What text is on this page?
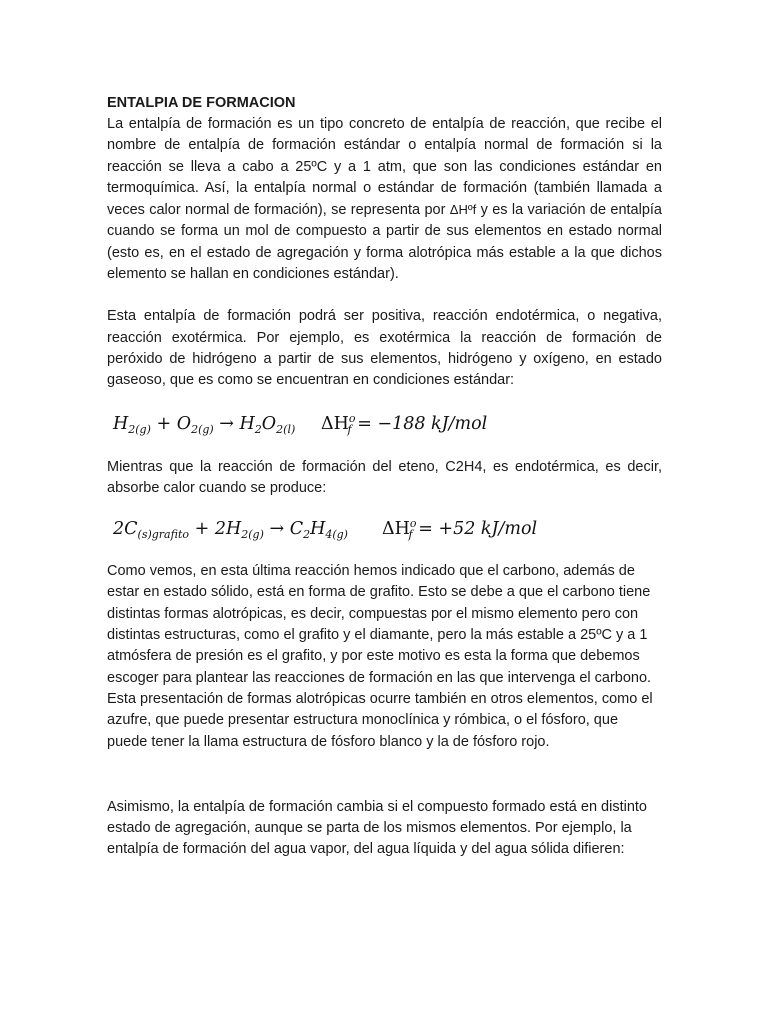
ENTALPIA DE FORMACION

La entalpía de formación es un tipo concreto de entalpía de reacción, que recibe el nombre de entalpía de formación estándar o entalpía normal de formación si la reacción se lleva a cabo a 25ºC y a 1 atm, que son las condiciones estándar en termoquímica. Así, la entalpía normal o estándar de formación (también llamada a veces calor normal de formación), se representa por ΔHºf y es la variación de entalpía cuando se forma un mol de compuesto a partir de sus elementos en estado normal (esto es, en el estado de agregación y forma alotrópica más estable a la que dichos elemento se hallan en condiciones estándar).

Esta entalpía de formación podrá ser positiva, reacción endotérmica, o negativa, reacción exotérmica. Por ejemplo, es exotérmica la reacción de formación de peróxido de hidrógeno a partir de sus elementos, hidrógeno y oxígeno, en estado gaseoso, que es como se encuentran en condiciones estándar:

$H_{2(g)} + O_{2(g)} \to H_2O_{2(l)}$ $\Delta H^o_f = -188$ kJ/mol

Mientras que la reacción de formación del eteno, C2H4, es endotérmica, es decir, absorbe calor cuando se produce:

$2C_{(s)grafito} + 2H_{2(g)} \to C_2H_{4(g)}$ $\Delta H^o_f = +52$ kJ/mol

Como vemos, en esta última reacción hemos indicado que el carbono, además de estar en estado sólido, está en forma de grafito. Esto se debe a que el carbono tiene distintas formas alotrópicas, es decir, compuestas por el mismo elemento pero con distintas estructuras, como el grafito y el diamante, pero la más estable a 25ºC y a 1 atmósfera de presión es el grafito, y por este motivo es esta la forma que debemos escoger para plantear las reacciones de formación en las que intervenga el carbono. Esta presentación de formas alotrópicas ocurre también en otros elementos, como el azufre, que puede presentar estructura monoclínica y rómbica, o el fósforo, que puede tener la llama estructura de fósforo blanco y la de fósforo rojo.

Asimismo, la entalpía de formación cambia si el compuesto formado está en distinto estado de agregación, aunque se parta de los mismos elementos. Por ejemplo, la entalpía de formación del agua vapor, del agua líquida y del agua sólida difieren:
